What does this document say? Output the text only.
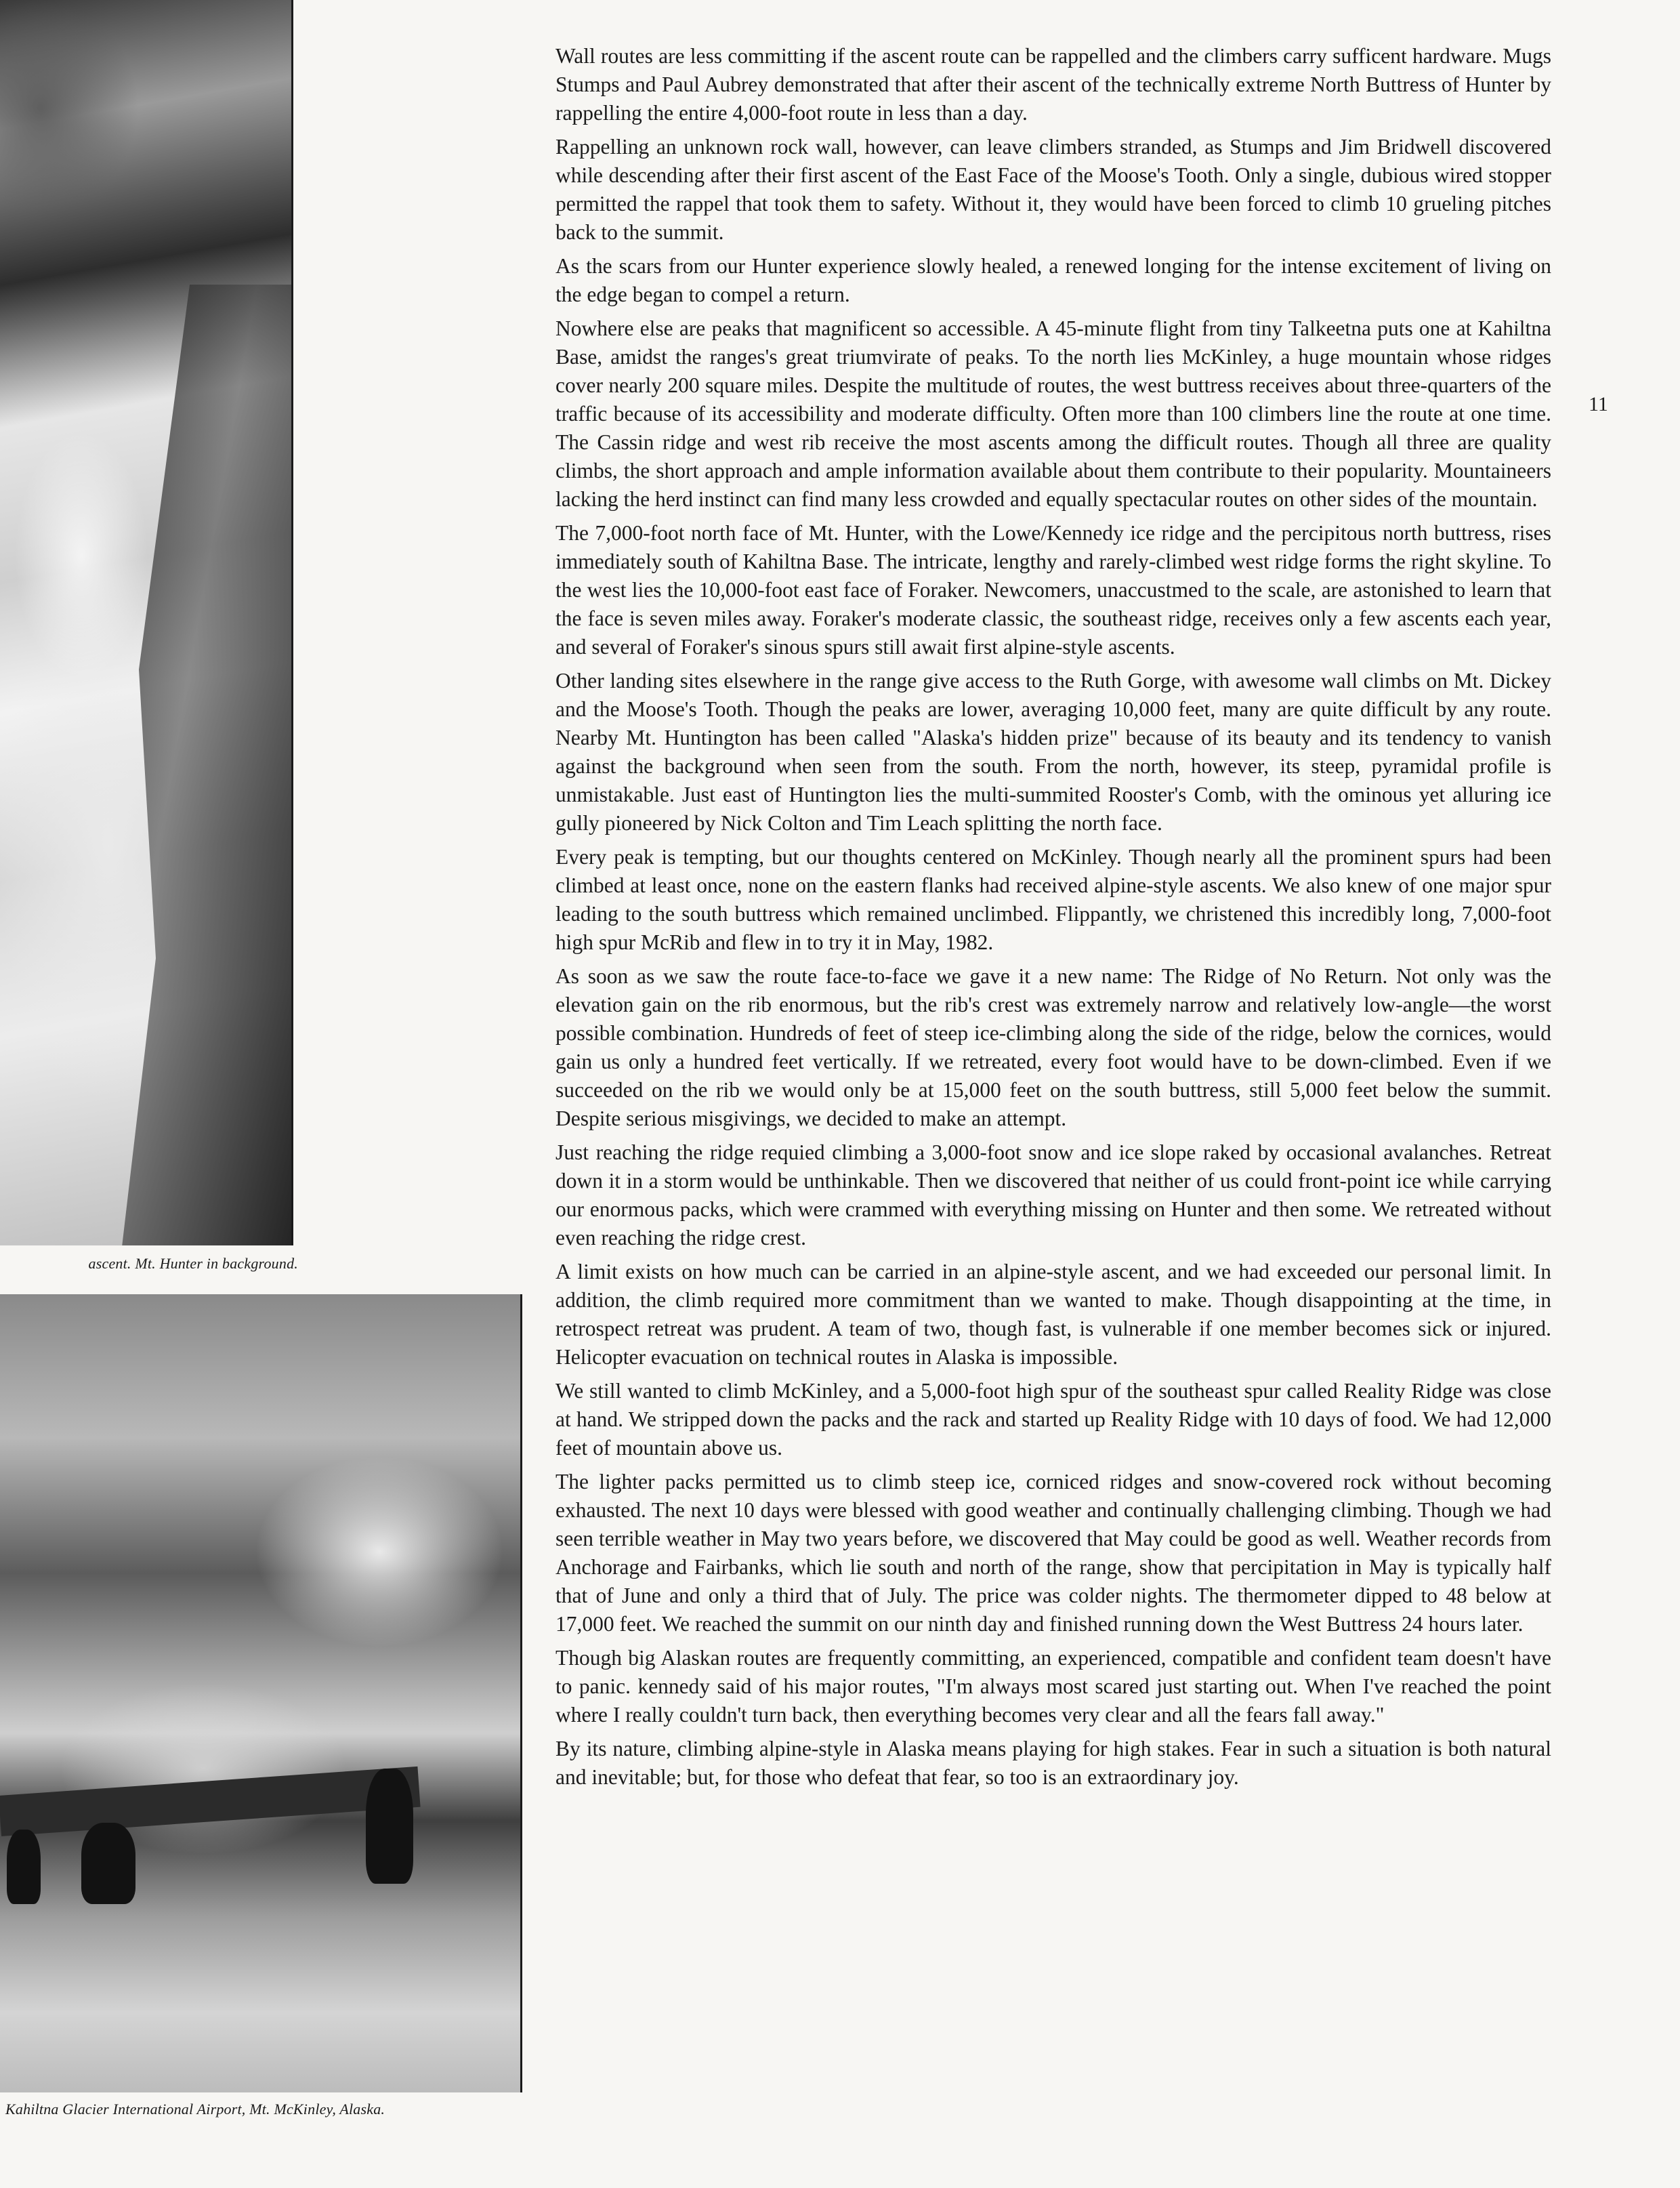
ascent. Mt. Hunter in background.
Kahiltna Glacier International Airport, Mt. McKinley, Alaska.
11

Wall routes are less committing if the ascent route can be rappelled and the climbers carry sufficent hardware. Mugs Stumps and Paul Aubrey demonstrated that after their ascent of the technically extreme North Buttress of Hunter by rappelling the entire 4,000-foot route in less than a day.

Rappelling an unknown rock wall, however, can leave climbers stranded, as Stumps and Jim Bridwell discovered while descending after their first ascent of the East Face of the Moose's Tooth. Only a single, dubious wired stopper permitted the rappel that took them to safety. Without it, they would have been forced to climb 10 grueling pitches back to the summit.

As the scars from our Hunter experience slowly healed, a renewed longing for the intense excitement of living on the edge began to compel a return.

Nowhere else are peaks that magnificent so accessible. A 45-minute flight from tiny Talkeetna puts one at Kahiltna Base, amidst the ranges's great triumvirate of peaks. To the north lies McKinley, a huge mountain whose ridges cover nearly 200 square miles. Despite the multitude of routes, the west buttress receives about three-quarters of the traffic because of its accessibility and moderate difficulty. Often more than 100 climbers line the route at one time. The Cassin ridge and west rib receive the most ascents among the difficult routes. Though all three are quality climbs, the short approach and ample information available about them contribute to their popularity. Mountaineers lacking the herd instinct can find many less crowded and equally spectacular routes on other sides of the mountain.

The 7,000-foot north face of Mt. Hunter, with the Lowe/Kennedy ice ridge and the percipitous north buttress, rises immediately south of Kahiltna Base. The intricate, lengthy and rarely-climbed west ridge forms the right skyline. To the west lies the 10,000-foot east face of Foraker. Newcomers, unaccustmed to the scale, are astonished to learn that the face is seven miles away. Foraker's moderate classic, the southeast ridge, receives only a few ascents each year, and several of Foraker's sinous spurs still await first alpine-style ascents.

Other landing sites elsewhere in the range give access to the Ruth Gorge, with awesome wall climbs on Mt. Dickey and the Moose's Tooth. Though the peaks are lower, averaging 10,000 feet, many are quite difficult by any route. Nearby Mt. Huntington has been called "Alaska's hidden prize" because of its beauty and its tendency to vanish against the background when seen from the south. From the north, however, its steep, pyramidal profile is unmistakable. Just east of Huntington lies the multi-summited Rooster's Comb, with the ominous yet alluring ice gully pioneered by Nick Colton and Tim Leach splitting the north face.

Every peak is tempting, but our thoughts centered on McKinley. Though nearly all the prominent spurs had been climbed at least once, none on the eastern flanks had received alpine-style ascents. We also knew of one major spur leading to the south buttress which remained unclimbed. Flippantly, we christened this incredibly long, 7,000-foot high spur McRib and flew in to try it in May, 1982.

As soon as we saw the route face-to-face we gave it a new name: The Ridge of No Return. Not only was the elevation gain on the rib enormous, but the rib's crest was extremely narrow and relatively low-angle—the worst possible combination. Hundreds of feet of steep ice-climbing along the side of the ridge, below the cornices, would gain us only a hundred feet vertically. If we retreated, every foot would have to be down-climbed. Even if we succeeded on the rib we would only be at 15,000 feet on the south buttress, still 5,000 feet below the summit. Despite serious misgivings, we decided to make an attempt.

Just reaching the ridge requied climbing a 3,000-foot snow and ice slope raked by occasional avalanches. Retreat down it in a storm would be unthinkable. Then we discovered that neither of us could front-point ice while carrying our enormous packs, which were crammed with everything missing on Hunter and then some. We retreated without even reaching the ridge crest.

A limit exists on how much can be carried in an alpine-style ascent, and we had exceeded our personal limit. In addition, the climb required more commitment than we wanted to make. Though disappointing at the time, in retrospect retreat was prudent. A team of two, though fast, is vulnerable if one member becomes sick or injured. Helicopter evacuation on technical routes in Alaska is impossible.

We still wanted to climb McKinley, and a 5,000-foot high spur of the southeast spur called Reality Ridge was close at hand. We stripped down the packs and the rack and started up Reality Ridge with 10 days of food. We had 12,000 feet of mountain above us.

The lighter packs permitted us to climb steep ice, corniced ridges and snow-covered rock without becoming exhausted. The next 10 days were blessed with good weather and continually challenging climbing. Though we had seen terrible weather in May two years before, we discovered that May could be good as well. Weather records from Anchorage and Fairbanks, which lie south and north of the range, show that percipitation in May is typically half that of June and only a third that of July. The price was colder nights. The thermometer dipped to 48 below at 17,000 feet. We reached the summit on our ninth day and finished running down the West Buttress 24 hours later.

Though big Alaskan routes are frequently committing, an experienced, compatible and confident team doesn't have to panic. kennedy said of his major routes, "I'm always most scared just starting out. When I've reached the point where I really couldn't turn back, then everything becomes very clear and all the fears fall away."

By its nature, climbing alpine-style in Alaska means playing for high stakes. Fear in such a situation is both natural and inevitable; but, for those who defeat that fear, so too is an extraordinary joy.
